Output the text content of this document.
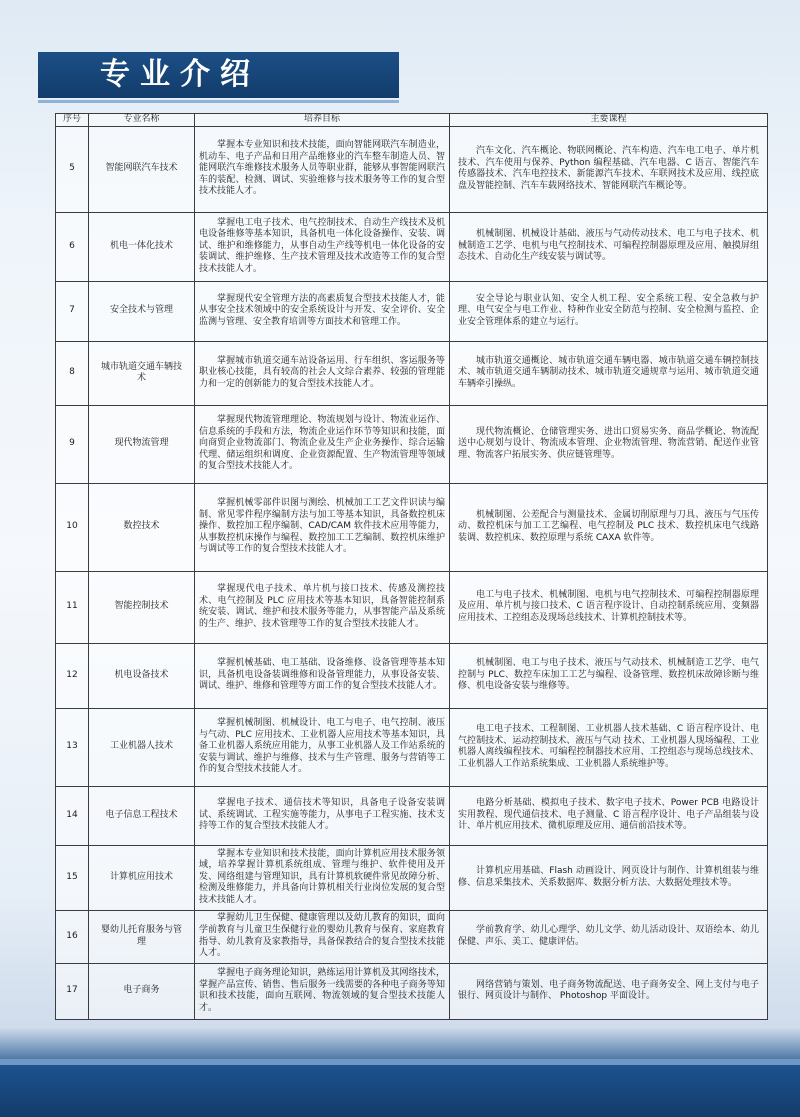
专业介绍
序号	专业名称	培养目标	主要课程
5	智能网联汽车技术	掌握本专业知识和技术技能，面向智能网联汽车制造业，机动车、电子产品和日用产品维修业的汽车整车制造人员、智能网联汽车维修技术服务人员等职业群，能够从事智能网联汽车的装配、检测、调试、实验维修与技术服务等工作的复合型技术技能人才。	汽车文化、汽车概论、物联网概论、汽车构造、汽车电工电子、单片机技术、汽车使用与保养、Python 编程基础、汽车电器、C 语言、智能汽车传感器技术、汽车电控技术、新能源汽车技术、车联网技术及应用、线控底盘及智能控制、汽车车载网络技术、智能网联汽车概论等。
6	机电一体化技术	掌握电工电子技术、电气控制技术、自动生产线技术及机电设备维修等基本知识，具备机电一体化设备操作、安装、调试、维护和维修能力，从事自动生产线等机电一体化设备的安装调试、维护维修、生产技术管理及技术改造等工作的复合型技术技能人才。	机械制图、机械设计基础、液压与气动传动技术、电工与电子技术、机械制造工艺学、电机与电气控制技术、可编程控制器原理及应用、触摸屏组态技术、自动化生产线安装与调试等。
7	安全技术与管理	掌握现代安全管理方法的高素质复合型技术技能人才，能从事安全技术领域中的安全系统设计与开发、安全评价、安全监测与管理、安全教育培训等方面技术和管理工作。	安全导论与职业认知、安全人机工程、安全系统工程、安全急救与护理、电气安全与电工作业、特种作业安全防范与控制、安全检测与监控、企业安全管理体系的建立与运行。
8	城市轨道交通车辆技术	掌握城市轨道交通车站设备运用、行车组织、客运服务等职业核心技能，具有较高的社会人文综合素养、较强的管理能力和一定的创新能力的复合型技术技能人才。	城市轨道交通概论、城市轨道交通车辆电器、城市轨道交通车辆控制技术、城市轨道交通车辆制动技术、城市轨道交通规章与运用、城市轨道交通车辆牵引操纵。
9	现代物流管理	掌握现代物流管理理论、物流规划与设计、物流业运作、信息系统的手段和方法，物流企业运作环节等知识和技能，面向商贸企业物流部门、物流企业及生产企业务操作、综合运输代理、储运组织和调度、企业资源配置、生产物流管理等领域的复合型技术技能人才。	现代物流概论、仓储管理实务、进出口贸易实务、商品学概论、物流配送中心规划与设计、物流成本管理、企业物流管理、物流营销、配送作业管理、物流客户拓展实务、供应链管理等。
10	数控技术	掌握机械零部件识图与测绘、机械加工工艺文件识读与编制、常见零件程序编制方法与加工等基本知识，具备数控机床操作、数控加工程序编制、CAD/CAM 软件技术应用等能力，从事数控机床操作与编程、数控加工工艺编制、数控机床维护与调试等工作的复合型技术技能人才。	机械制图、公差配合与测量技术、金属切削原理与刀具、液压与气压传动、数控机床与加工工艺编程、电气控制及 PLC 技术、数控机床电气线路装调、数控机床、数控原理与系统 CAXA 软件等。
11	智能控制技术	掌握现代电子技术、单片机与接口技术、传感及测控技术、电气控制及 PLC 应用技术等基本知识，具备智能控制系统安装、调试、维护和技术服务等能力，从事智能产品及系统的生产、维护、技术管理等工作的复合型技术技能人才。	电工与电子技术、机械制图、电机与电气控制技术、可编程控制器原理及应用、单片机与接口技术、C 语言程序设计、自动控制系统应用、变频器应用技术、工控组态及现场总线技术、计算机控制技术等。
12	机电设备技术	掌握机械基础、电工基础、设备维修、设备管理等基本知识，具备机电设备装调维修和设备管理能力，从事设备安装、调试、维护、维修和管理等方面工作的复合型技术技能人才。	机械制图、电工与电子技术、液压与气动技术、机械制造工艺学、电气控制与 PLC、数控车床加工工艺与编程、设备管理、数控机床故障诊断与维修、机电设备安装与维修等。
13	工业机器人技术	掌握机械制图、机械设计、电工与电子、电气控制、液压与气动、PLC 应用技术、工业机器人应用技术等基本知识，具备工业机器人系统应用能力，从事工业机器人及工作站系统的安装与调试、维护与维修、技术与生产管理、服务与营销等工作的复合型技术技能人才。	电工电子技术、工程制图、工业机器人技术基础、C 语言程序设计、电气控制技术、运动控制技术、液压与气动 技术、工业机器人现场编程、工业机器人离线编程技术、可编程控制器技术应用、工控组态与现场总线技术、工业机器人工作站系统集成、工业机器人系统维护等。
14	电子信息工程技术	掌握电子技术、通信技术等知识，具备电子设备安装调试、系统调试、工程实施等能力，从事电子工程实施、技术支持等工作的复合型技术技能人才。	电路分析基础、模拟电子技术、数字电子技术、Power PCB 电路设计实用教程、现代通信技术、电子测量、C 语言程序设计、电子产品组装与设计、单片机应用技术、微机原理及应用、通信前沿技术等。
15	计算机应用技术	掌握本专业知识和技术技能，面向计算机应用技术服务领域，培养掌握计算机系统组成、管理与维护、软件使用及开发、网络组建与管理知识，具有计算机软硬件常见故障分析、检测及维修能力，并具备向计算机相关行业岗位发展的复合型技术技能人才。	计算机应用基础、Flash 动画设计、网页设计与制作、计算机组装与维修、信息采集技术、关系数据库、数据分析方法、大数据处理技术等。
16	婴幼儿托育服务与管理	掌握幼儿卫生保健、健康管理以及幼儿教育的知识，面向学前教育与儿童卫生保健行业的婴幼儿教育与保育、家庭教育指导、幼儿教育及家教指导，具备保教结合的复合型技术技能人才。	学前教育学、幼儿心理学、幼儿文学、幼儿活动设计、双语绘本、幼儿保健、声乐、美工、健康评估。
17	电子商务	掌握电子商务理论知识，熟练运用计算机及其网络技术，掌握产品宣传、销售、售后服务一线需要的各种电子商务等知识和技术技能，面向互联网、物流领域的复合型技术技能人才。	网络营销与策划、电子商务物流配送、电子商务安全、网上支付与电子银行、网页设计与制作、 Photoshop 平面设计。
